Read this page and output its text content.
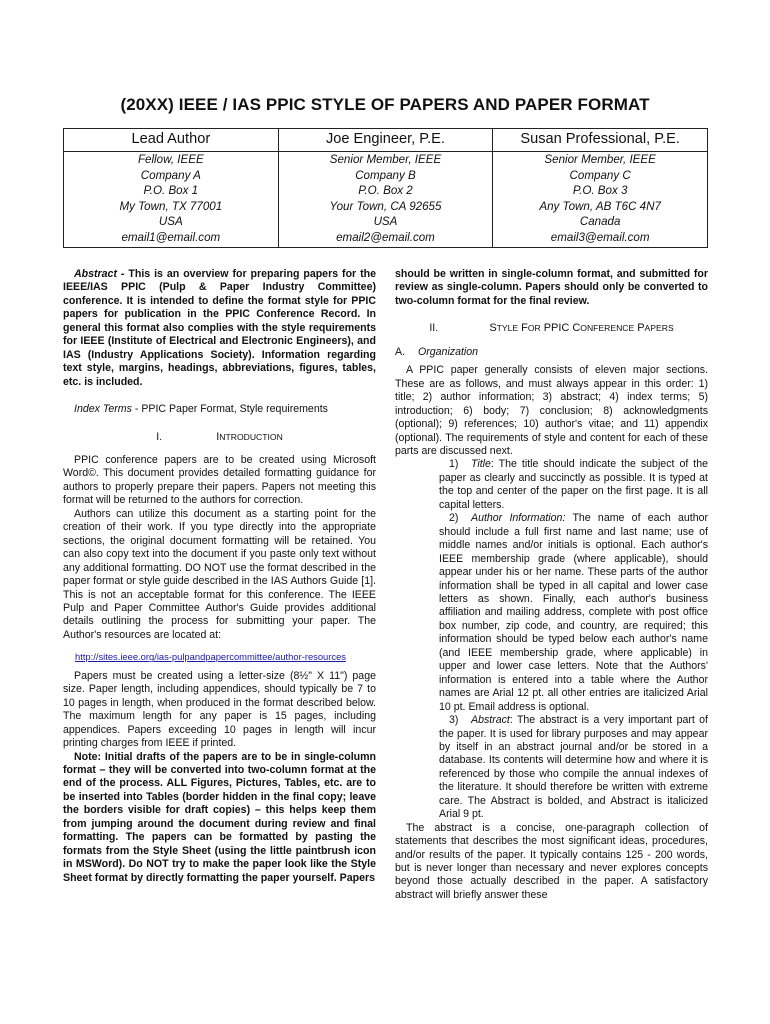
(20XX) IEEE / IAS PPIC STYLE OF PAPERS AND PAPER FORMAT
Lead Author	Joe Engineer, P.E.	Susan Professional, P.E.
Fellow, IEEE	Senior Member, IEEE	Senior Member, IEEE
Company A	Company B	Company C
P.O. Box 1	P.O. Box 2	P.O. Box 3
My Town, TX 77001	Your Town, CA 92655	Any Town, AB T6C 4N7
USA	USA	Canada
email1@email.com	email2@email.com	email3@email.com

Abstract - This is an overview for preparing papers for the IEEE/IAS PPIC (Pulp & Paper Industry Committee) conference. It is intended to define the format style for PPIC papers for publication in the PPIC Conference Record. In general this format also complies with the style requirements for IEEE (Institute of Electrical and Electronic Engineers), and IAS (Industry Applications Society). Information regarding text style, margins, headings, abbreviations, figures, tables, etc. is included.

Index Terms - PPIC Paper Format, Style requirements

I.	INTRODUCTION

PPIC conference papers are to be created using Microsoft Word©. This document provides detailed formatting guidance for authors to properly prepare their papers. Papers not meeting this format will be returned to the authors for correction.

Authors can utilize this document as a starting point for the creation of their work. If you type directly into the appropriate sections, the original document formatting will be retained. You can also copy text into the document if you paste only text without any additional formatting. DO NOT use the format described in the paper format or style guide described in the IAS Authors Guide [1]. This is not an acceptable format for this conference. The IEEE Pulp and Paper Committee Author's Guide provides additional details outlining the process for submitting your paper. The Author's resources are located at:

http://sites.ieee.org/ias-pulpandpapercommittee/author-resources

Papers must be created using a letter-size (8½" X 11") page size. Paper length, including appendices, should typically be 7 to 10 pages in length, when produced in the format described below. The maximum length for any paper is 15 pages, including appendices. Papers exceeding 10 pages in length will incur printing charges from IEEE if printed.

Note: Initial drafts of the papers are to be in single-column format – they will be converted into two-column format at the end of the process. ALL Figures, Pictures, Tables, etc. are to be inserted into Tables (border hidden in the final copy; leave the borders visible for draft copies) – this helps keep them from jumping around the document during review and final formatting. The papers can be formatted by pasting the formats from the Style Sheet (using the little paintbrush icon in MSWord). Do NOT try to make the paper look like the Style Sheet format by directly formatting the paper yourself. Papers

should be written in single-column format, and submitted for review as single-column. Papers should only be converted to two-column format for the final review.

II.	STYLE FOR PPIC CONFERENCE PAPERS

A. Organization

A PPIC paper generally consists of eleven major sections. These are as follows, and must always appear in this order: 1) title; 2) author information; 3) abstract; 4) index terms; 5) introduction; 6) body; 7) conclusion; 8) acknowledgments (optional); 9) references; 10) author's vitae; and 11) appendix (optional). The requirements of style and content for each of these parts are discussed next.

1) Title: The title should indicate the subject of the paper as clearly and succinctly as possible. It is typed at the top and center of the paper on the first page. It is all capital letters.

2) Author Information: The name of each author should include a full first name and last name; use of middle names and/or initials is optional. Each author's IEEE membership grade (where applicable), should appear under his or her name. These parts of the author information shall be typed in all capital and lower case letters as shown. Finally, each author's business affiliation and mailing address, complete with post office box number, zip code, and country, are required; this information should be typed below each author's name (and IEEE membership grade, where applicable) in upper and lower case letters. Note that the Authors' information is entered into a table where the Author names are Arial 12 pt. all other entries are italicized Arial 10 pt. Email address is optional.

3) Abstract: The abstract is a very important part of the paper. It is used for library purposes and may appear by itself in an abstract journal and/or be stored in a database. Its contents will determine how and where it is referenced by those who compile the annual indexes of the literature. It should therefore be written with extreme care. The Abstract is bolded, and Abstract is italicized Arial 9 pt.

The abstract is a concise, one-paragraph collection of statements that describes the most significant ideas, procedures, and/or results of the paper. It typically contains 125 - 200 words, but is never longer than necessary and never explores concepts beyond those actually described in the paper. A satisfactory abstract will briefly answer these
